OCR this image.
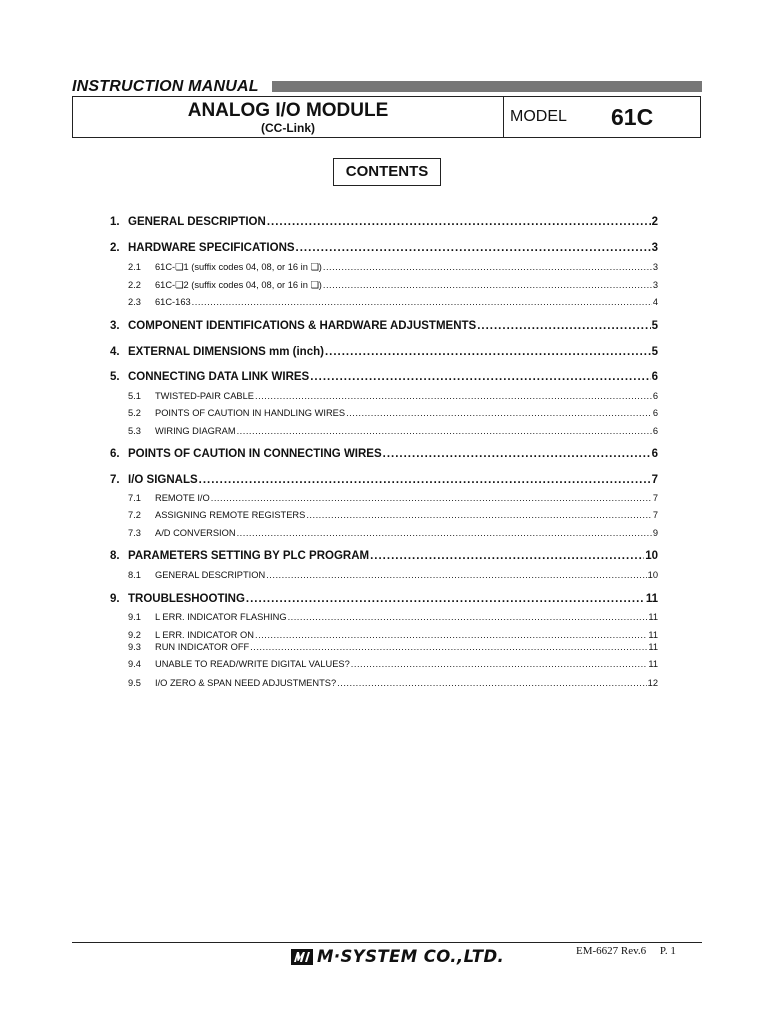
INSTRUCTION MANUAL
ANALOG I/O MODULE
(CC-Link)
MODEL 61C
CONTENTS
1. GENERAL DESCRIPTION .....	2
2. HARDWARE SPECIFICATIONS .....	3
2.1	61C-❏1 (suffix codes 04, 08, or 16 in ❏) .....	3
2.2	61C-❏2 (suffix codes 04, 08, or 16 in ❏) .....	3
2.3	61C-163 .....	4
3. COMPONENT IDENTIFICATIONS & HARDWARE ADJUSTMENTS .....	5
4. EXTERNAL DIMENSIONS mm (inch) .....	5
5. CONNECTING DATA LINK WIRES .....	6
5.1	TWISTED-PAIR CABLE .....	6
5.2	POINTS OF CAUTION IN HANDLING WIRES .....	6
5.3	WIRING DIAGRAM .....	6
6. POINTS OF CAUTION IN CONNECTING WIRES .....	6
7. I/O SIGNALS .....	7
7.1	REMOTE I/O .....	7
7.2	ASSIGNING REMOTE REGISTERS .....	7
7.3	A/D CONVERSION .....	9
8. PARAMETERS SETTING BY PLC PROGRAM .....	10
8.1	GENERAL DESCRIPTION .....	10
9. TROUBLESHOOTING .....	11
9.1	L ERR. INDICATOR FLASHING .....	11
9.2	L ERR. INDICATOR ON .....	11
9.3	RUN INDICATOR OFF .....	11
9.4	UNABLE TO READ/WRITE DIGITAL VALUES? .....	11
9.5	I/O ZERO & SPAN NEED ADJUSTMENTS? .....	12
M·SYSTEM CO.,LTD.	EM-6627 Rev.6     P. 1
